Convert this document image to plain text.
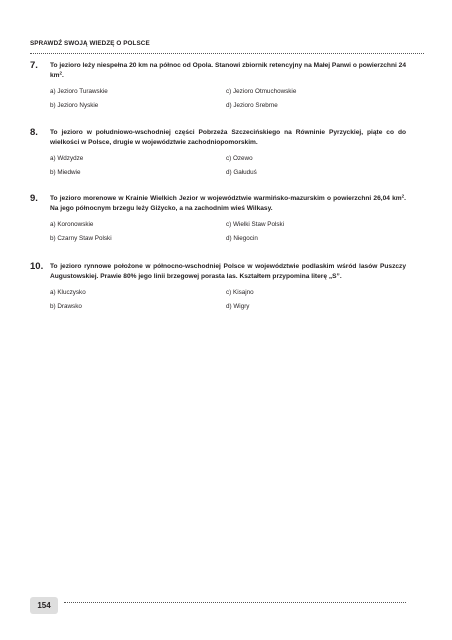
SPRAWDŹ SWOJĄ WIEDZĘ O POLSCE
7.	To jezioro leży niespełna 20 km na północ od Opola. Stanowi zbiornik retencyjny na Małej Panwi o powierzchni 24 $km^2$.
a) Jezioro Turawskie	c) Jezioro Otmuchowskie
b) Jezioro Nyskie	d) Jezioro Srebrne
8.	To jezioro w południowo-wschodniej części Pobrzeża Szczecińskiego na Równinie Pyrzyckiej, piąte co do wielkości w Polsce, drugie w województwie zachodniopomorskim.
a) Wdzydze	c) Ozewo
b) Miedwie	d) Gałuduś
9.	To jezioro morenowe w Krainie Wielkich Jezior w województwie warmińsko-mazurskim o powierzchni 26,04 $km^2$. Na jego północnym brzegu leży Giżycko, a na zachodnim wieś Wilkasy.
a) Koronowskie	c) Wielki Staw Polski
b) Czarny Staw Polski	d) Niegocin
10.	To jezioro rynnowe położone w północno-wschodniej Polsce w województwie podlaskim wśród lasów Puszczy Augustowskiej. Prawie 80% jego linii brzegowej porasta las. Kształtem przypomina literę „S”.
a) Kluczysko	c) Kisajno
b) Drawsko	d) Wigry
154
